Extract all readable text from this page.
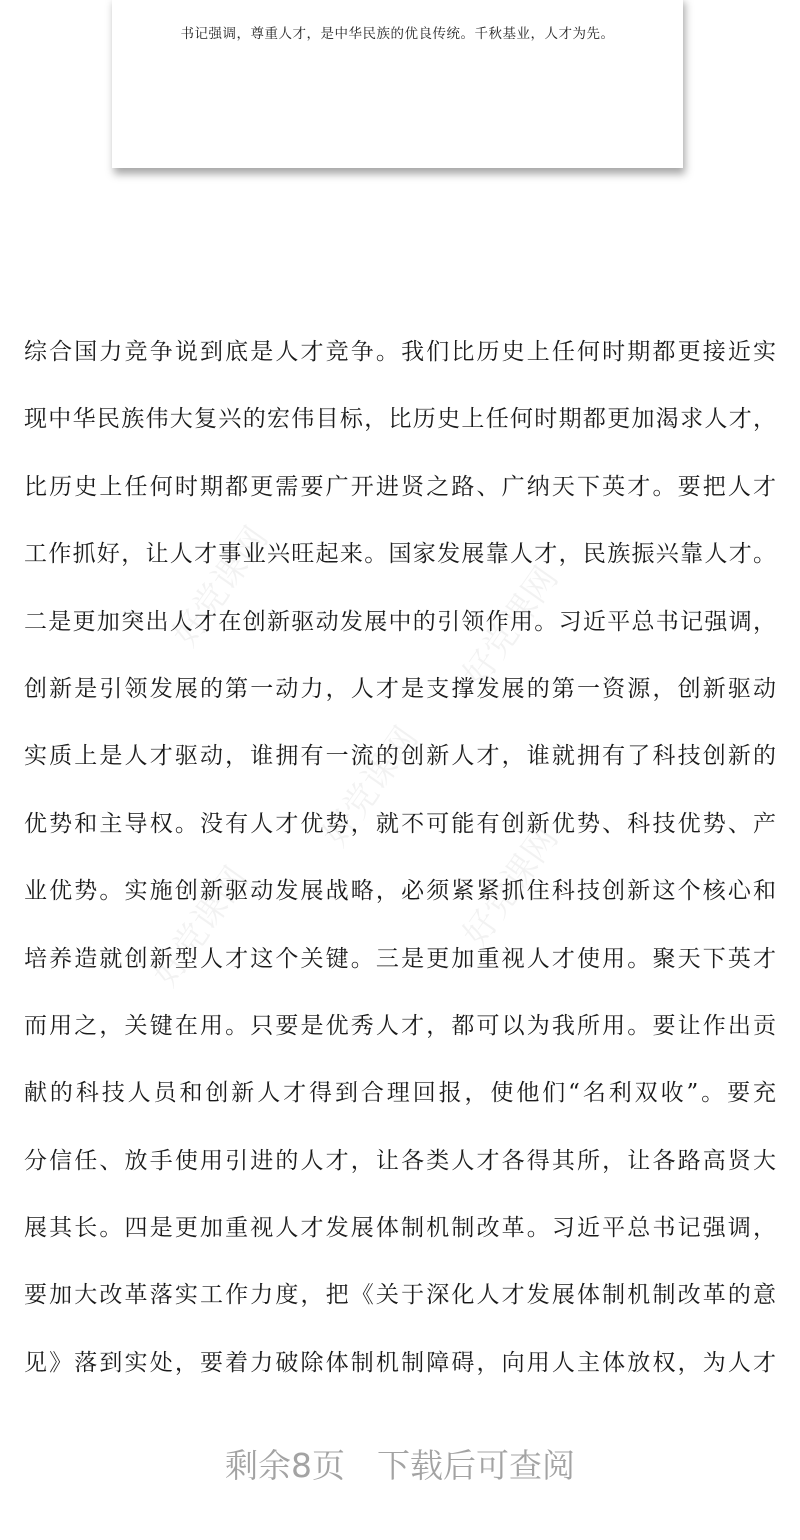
书记强调，尊重人才，是中华民族的优良传统。千秋基业，人才为先。
好党课网	好党课网
好党课网
好党课网	好党课网
综合国力竞争说到底是人才竞争。我们比历史上任何时期都更接近实
现中华民族伟大复兴的宏伟目标，比历史上任何时期都更加渴求人才，
比历史上任何时期都更需要广开进贤之路、广纳天下英才。要把人才
工作抓好，让人才事业兴旺起来。国家发展靠人才，民族振兴靠人才。
二是更加突出人才在创新驱动发展中的引领作用。习近平总书记强调，
创新是引领发展的第一动力，人才是支撑发展的第一资源，创新驱动
实质上是人才驱动，谁拥有一流的创新人才，谁就拥有了科技创新的
优势和主导权。没有人才优势，就不可能有创新优势、科技优势、产
业优势。实施创新驱动发展战略，必须紧紧抓住科技创新这个核心和
培养造就创新型人才这个关键。三是更加重视人才使用。聚天下英才
而用之，关键在用。只要是优秀人才，都可以为我所用。要让作出贡
献的科技人员和创新人才得到合理回报，使他们“名利双收”。要充
分信任、放手使用引进的人才，让各类人才各得其所，让各路高贤大
展其长。四是更加重视人才发展体制机制改革。习近平总书记强调，
要加大改革落实工作力度，把《关于深化人才发展体制机制改革的意
见》落到实处，要着力破除体制机制障碍，向用人主体放权，为人才
剩余8页 下载后可查阅
